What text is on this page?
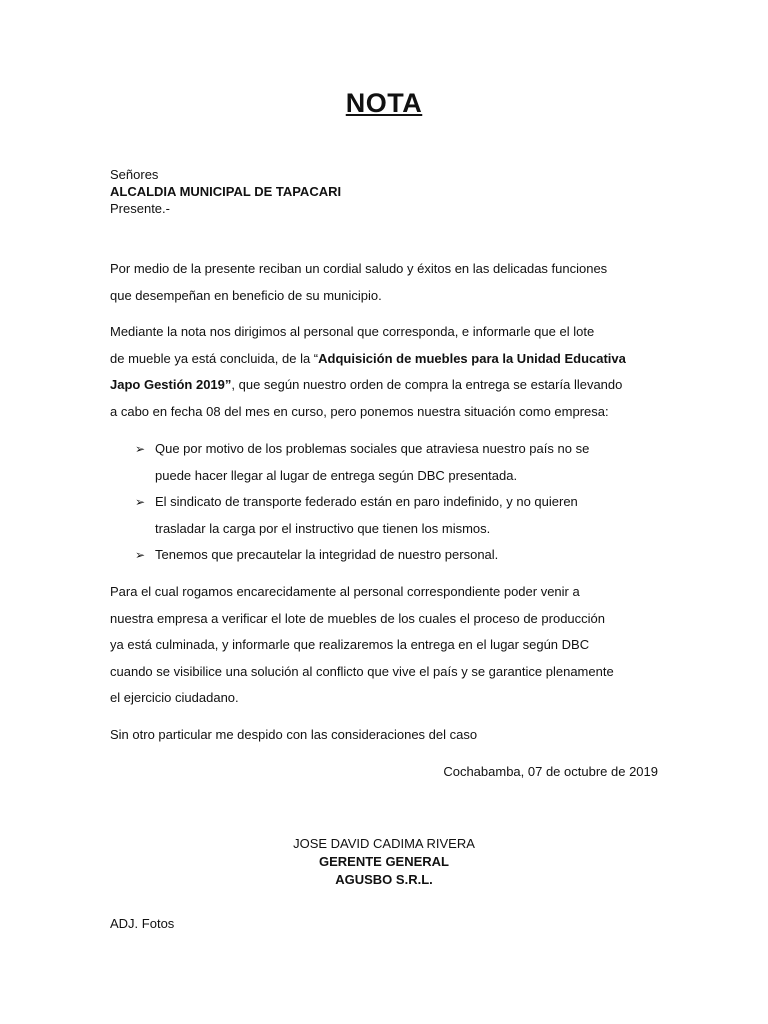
NOTA
Señores
ALCALDIA MUNICIPAL DE TAPACARI
Presente.-
Por medio de la presente reciban un cordial saludo y éxitos en las delicadas funciones
que desempeñan en beneficio de su municipio.
Mediante la nota nos dirigimos al personal que corresponda, e informarle que el lote
de mueble ya está concluida, de la “Adquisición de muebles para la Unidad Educativa
Japo Gestión 2019”, que según nuestro orden de compra la entrega se estaría llevando
a cabo en fecha 08 del mes en curso, pero ponemos nuestra situación como empresa:
➢ Que por motivo de los problemas sociales que atraviesa nuestro país no se
puede hacer llegar al lugar de entrega según DBC presentada.
➢ El sindicato de transporte federado están en paro indefinido, y no quieren
trasladar la carga por el instructivo que tienen los mismos.
➢ Tenemos que precautelar la integridad de nuestro personal.
Para el cual rogamos encarecidamente al personal correspondiente poder venir a
nuestra empresa a verificar el lote de muebles de los cuales el proceso de producción
ya está culminada, y informarle que realizaremos la entrega en el lugar según DBC
cuando se visibilice una solución al conflicto que vive el país y se garantice plenamente
el ejercicio ciudadano.
Sin otro particular me despido con las consideraciones del caso
Cochabamba, 07 de octubre de 2019
JOSE DAVID CADIMA RIVERA
GERENTE GENERAL
AGUSBO S.R.L.
ADJ. Fotos
